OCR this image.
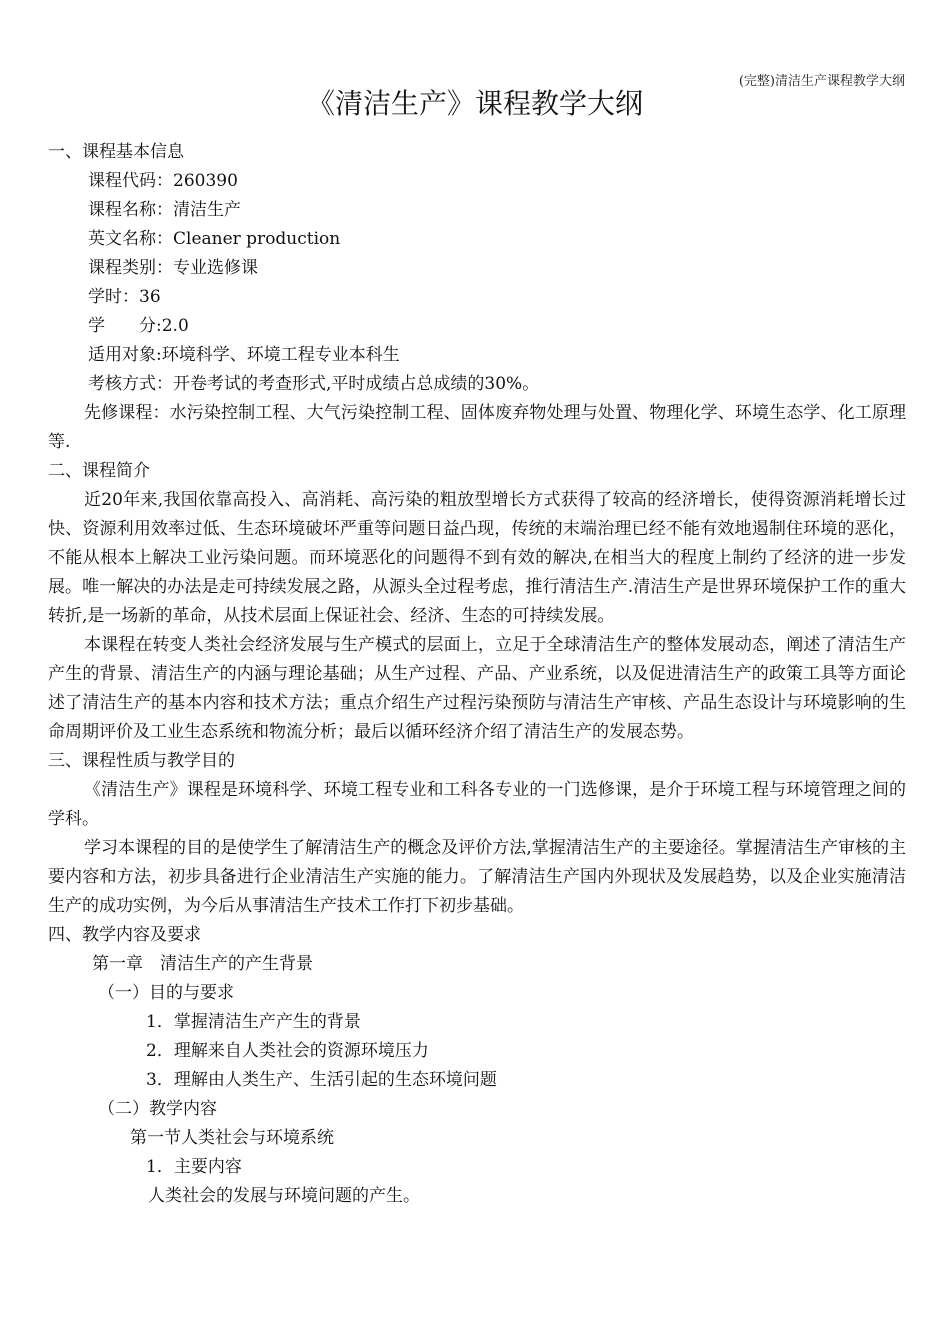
(完整)清洁生产课程教学大纲
《清洁生产》课程教学大纲

一、课程基本信息

课程代码：260390

课程名称：清洁生产

英文名称：Cleaner production

课程类别：专业选修课

学时：36

学　　分:2.0

适用对象:环境科学、环境工程专业本科生

考核方式：开卷考试的考查形式,平时成绩占总成绩的30%。

先修课程：水污染控制工程、大气污染控制工程、固体废弃物处理与处置、物理化学、环境生态学、化工原理等.

二、课程简介

近20年来,我国依靠高投入、高消耗、高污染的粗放型增长方式获得了较高的经济增长，使得资源消耗增长过快、资源利用效率过低、生态环境破坏严重等问题日益凸现，传统的末端治理已经不能有效地遏制住环境的恶化，不能从根本上解决工业污染问题。而环境恶化的问题得不到有效的解决,在相当大的程度上制约了经济的进一步发展。唯一解决的办法是走可持续发展之路，从源头全过程考虑，推行清洁生产.清洁生产是世界环境保护工作的重大转折,是一场新的革命，从技术层面上保证社会、经济、生态的可持续发展。

本课程在转变人类社会经济发展与生产模式的层面上，立足于全球清洁生产的整体发展动态，阐述了清洁生产产生的背景、清洁生产的内涵与理论基础；从生产过程、产品、产业系统，以及促进清洁生产的政策工具等方面论述了清洁生产的基本内容和技术方法；重点介绍生产过程污染预防与清洁生产审核、产品生态设计与环境影响的生命周期评价及工业生态系统和物流分析；最后以循环经济介绍了清洁生产的发展态势。

三、课程性质与教学目的

《清洁生产》课程是环境科学、环境工程专业和工科各专业的一门选修课，是介于环境工程与环境管理之间的学科。

学习本课程的目的是使学生了解清洁生产的概念及评价方法,掌握清洁生产的主要途径。掌握清洁生产审核的主要内容和方法，初步具备进行企业清洁生产实施的能力。了解清洁生产国内外现状及发展趋势，以及企业实施清洁生产的成功实例，为今后从事清洁生产技术工作打下初步基础。

四、教学内容及要求

第一章　清洁生产的产生背景

（一）目的与要求

1．掌握清洁生产产生的背景

2．理解来自人类社会的资源环境压力

3．理解由人类生产、生活引起的生态环境问题

（二）教学内容

第一节人类社会与环境系统

1．主要内容

人类社会的发展与环境问题的产生。
